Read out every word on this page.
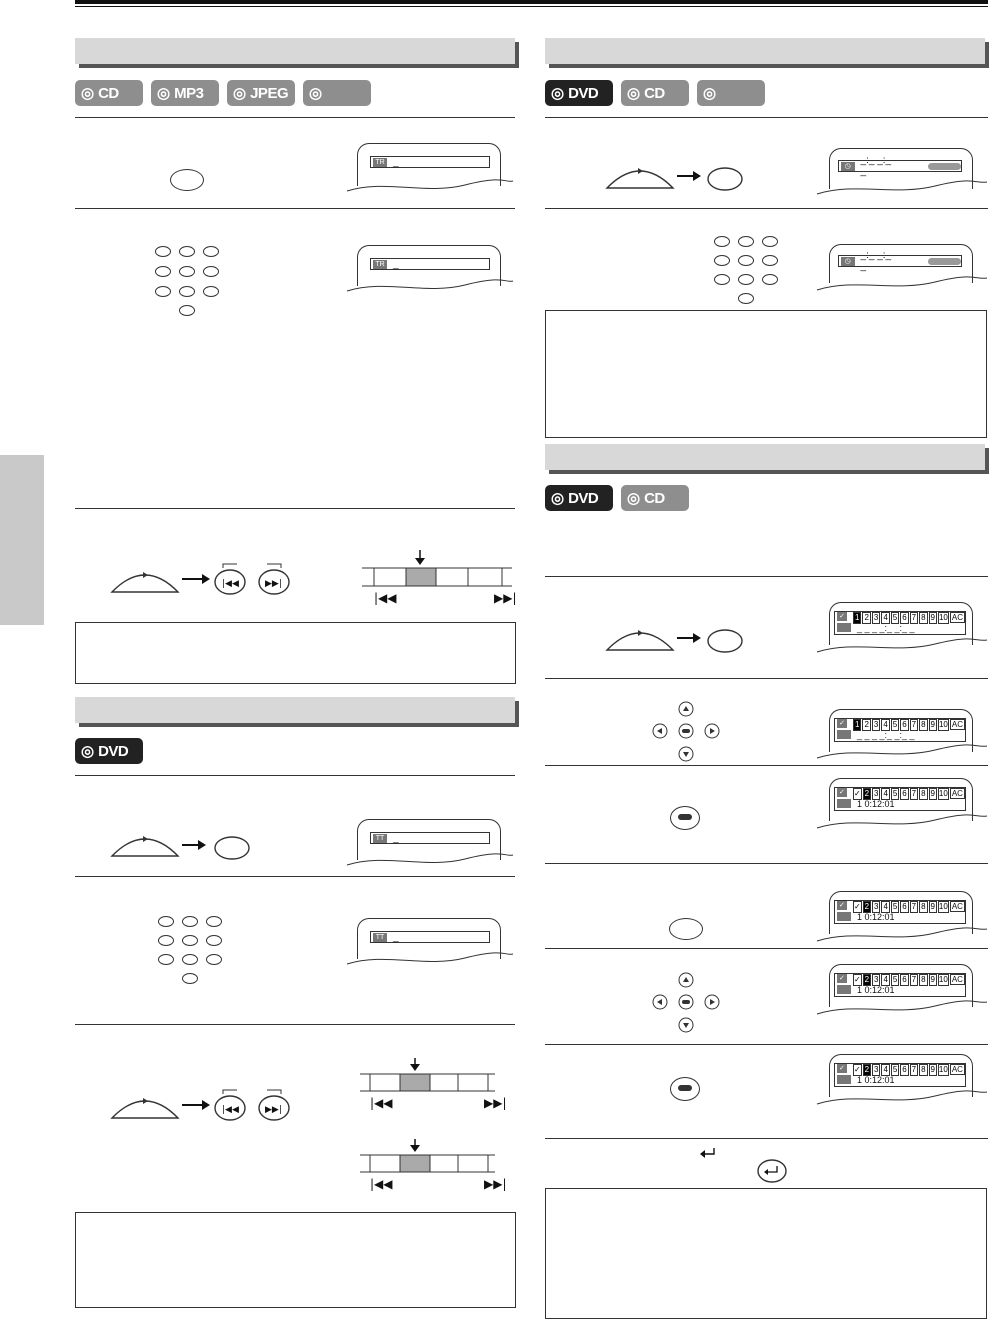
◎ CD	◎ MP3 ◎ JPEG ◎
TR _
TR _
|◀◀	▶▶|
|◀◀	▶▶|
◎ DVD
TT _
TT _
|◀◀	▶▶|	|◀◀	▶▶|
|◀◀	▶▶|
◎ DVD ◎ CD	◎
◷ _:_ _:_ _
◷ _:_ _:_ _
◎ DVD ◎ CD
✓ 1 2 3 4 5 6 7 8 9 10 AC
_ _ _ _:_ _:_ _
✓ 1 2 3 4 5 6 7 8 9 10 AC
_ _ _ _:_ _:_ _
✓ ✓ 2 3 4 5 6 7 8 9 10 AC
1 0:12:01
✓ ✓ 2 3 4 5 6 7 8 9 10 AC
1 0:12:01
✓ ✓ 2 3 4 5 6 7 8 9 10 AC
1 0:12:01
✓ ✓ 2 3 4 5 6 7 8 9 10 AC
1 0:12:01
